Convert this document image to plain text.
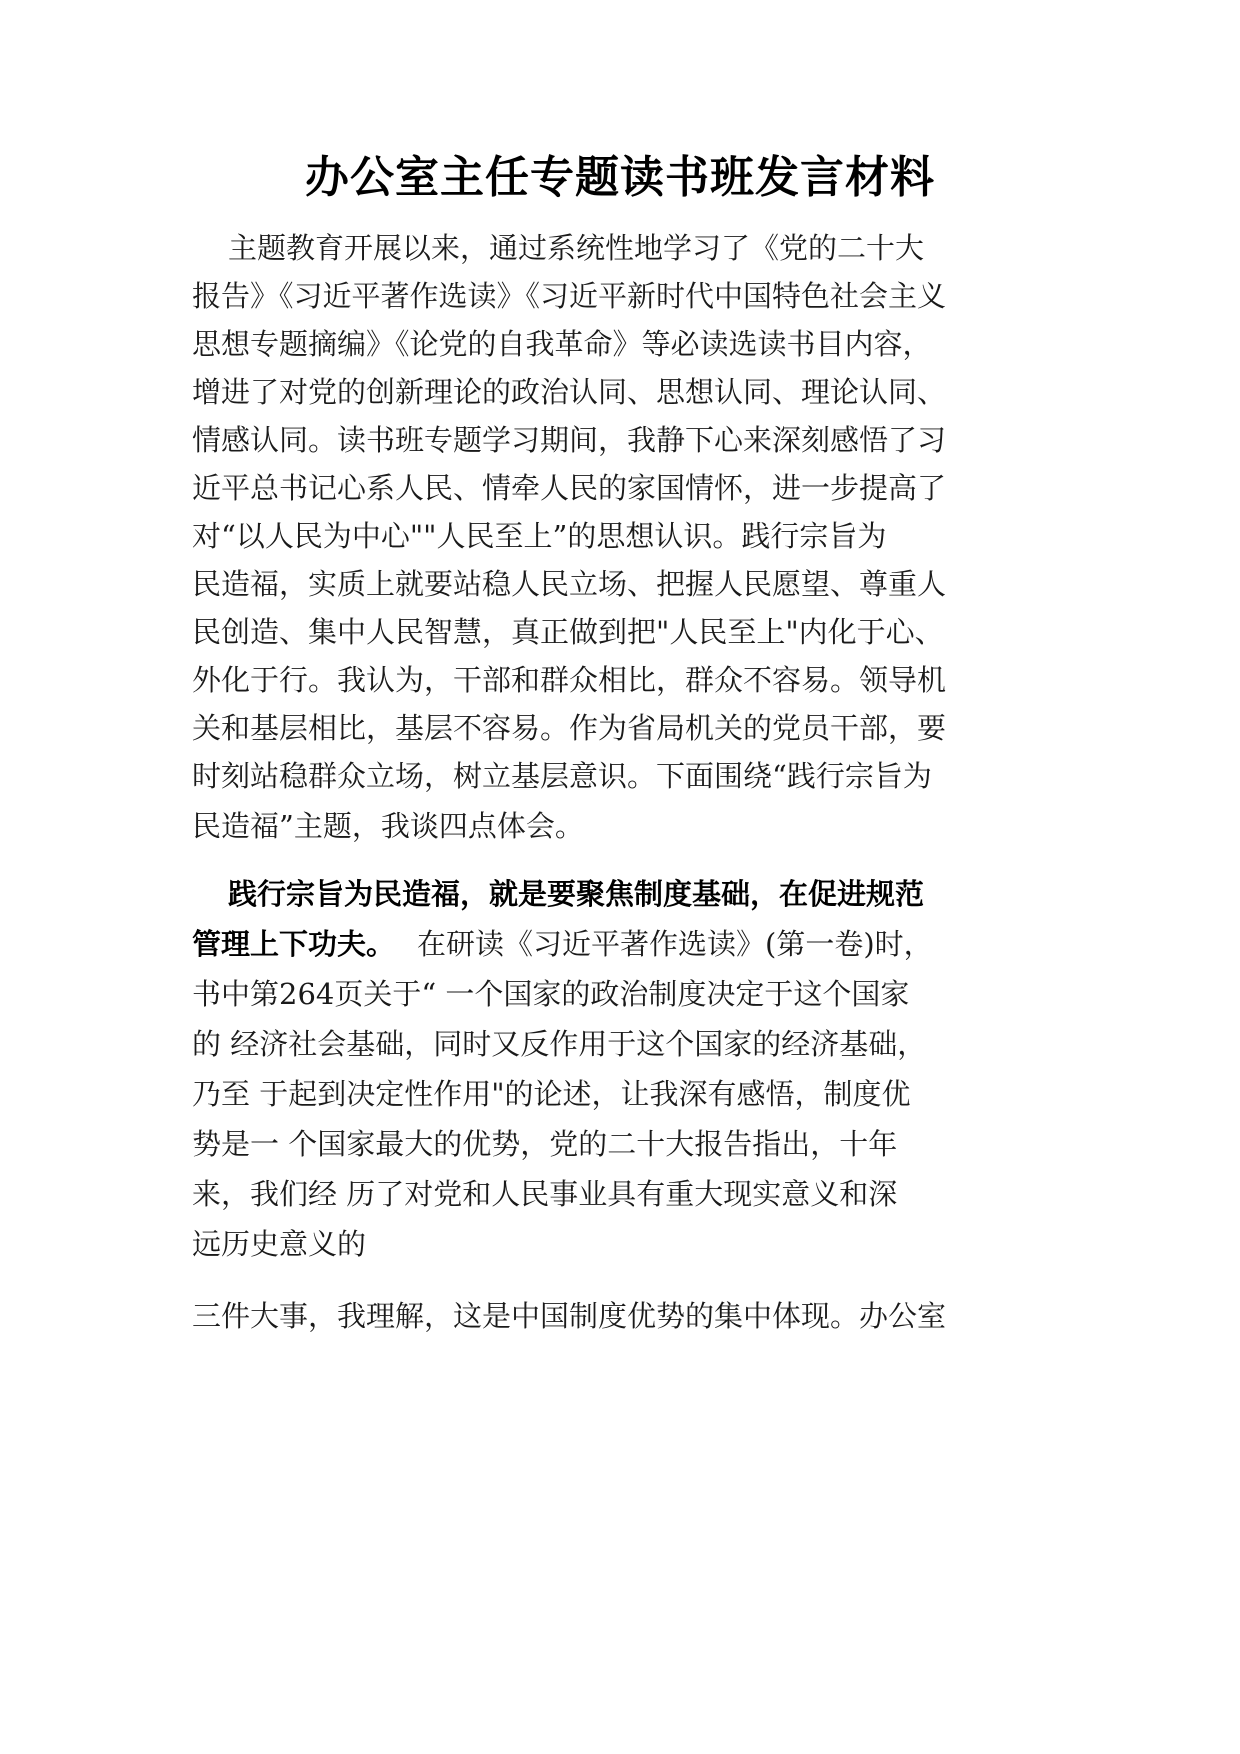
办公室主任专题读书班发言材料
主题教育开展以来，通过系统性地学习了《党的二十大
报告》《习近平著作选读》《习近平新时代中国特色社会主义
思想专题摘编》《论党的自我革命》等必读选读书目内容，
增进了对党的创新理论的政治认同、思想认同、理论认同、
情感认同。读书班专题学习期间，我静下心来深刻感悟了习
近平总书记心系人民、情牵人民的家国情怀，进一步提高了
对“以人民为中心""人民至上”的思想认识。践行宗旨为
民造福，实质上就要站稳人民立场、把握人民愿望、尊重人
民创造、集中人民智慧，真正做到把"人民至上"内化于心、
外化于行。我认为，干部和群众相比，群众不容易。领导机
关和基层相比，基层不容易。作为省局机关的党员干部，要
时刻站稳群众立场，树立基层意识。下面围绕“践行宗旨为
民造福”主题，我谈四点体会。
践行宗旨为民造福，就是要聚焦制度基础，在促进规范
管理上下功夫。 在研读《习近平著作选读》(第一卷)时，
书中第264页关于“ 一个国家的政治制度决定于这个国家
的 经济社会基础，同时又反作用于这个国家的经济基础，
乃至 于起到决定性作用"的论述，让我深有感悟，制度优
势是一 个国家最大的优势，党的二十大报告指出，十年
来，我们经 历了对党和人民事业具有重大现实意义和深
远历史意义的
三件大事，我理解，这是中国制度优势的集中体现。办公室
